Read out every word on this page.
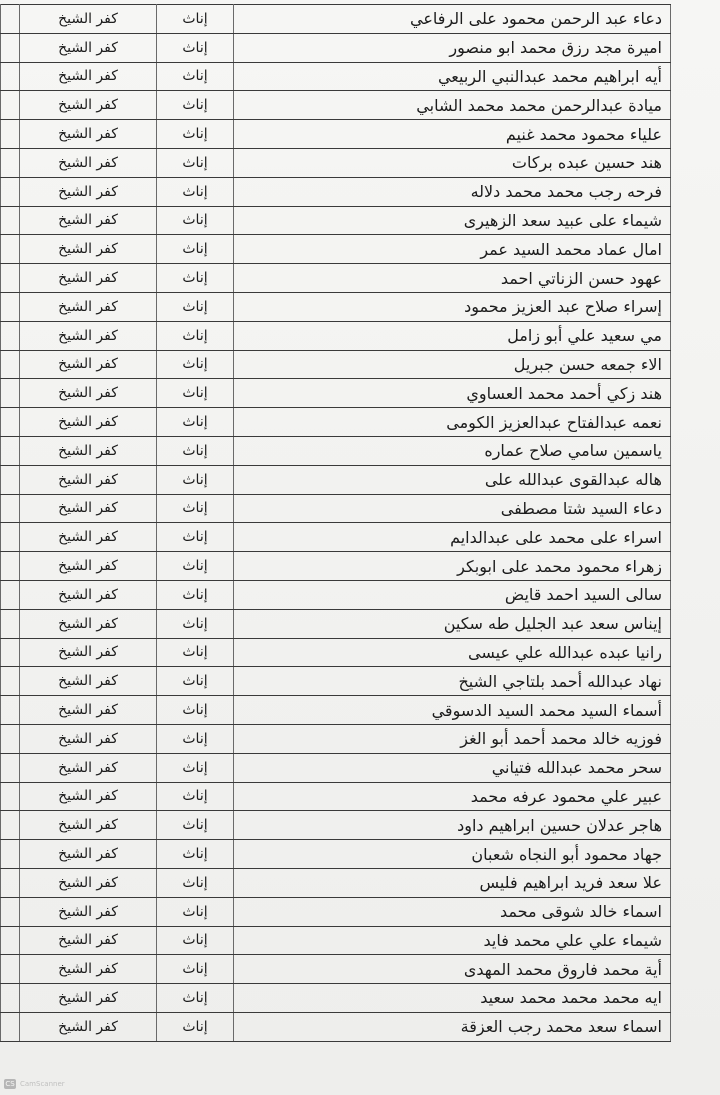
دعاء عبد الرحمن محمود على الرفاعي	إناث	كفر الشيخ	
اميرة مجد رزق محمد ابو منصور	إناث	كفر الشيخ	
أيه ابراهيم محمد عبدالنبي الربيعي	إناث	كفر الشيخ	
ميادة عبدالرحمن محمد محمد الشابي	إناث	كفر الشيخ	
علياء محمود محمد غنيم	إناث	كفر الشيخ	
هند حسين عبده بركات	إناث	كفر الشيخ	
فرحه رجب محمد محمد دلاله	إناث	كفر الشيخ	
شيماء على عبيد سعد الزهيرى	إناث	كفر الشيخ	
امال عماد محمد السيد عمر	إناث	كفر الشيخ	
عهود حسن الزناتي احمد	إناث	كفر الشيخ	
إسراء صلاح عبد العزيز محمود	إناث	كفر الشيخ	
مي سعيد علي أبو زامل	إناث	كفر الشيخ	
الاء جمعه حسن جبريل	إناث	كفر الشيخ	
هند زكي أحمد محمد العساوي	إناث	كفر الشيخ	
نعمه عبدالفتاح عبدالعزيز الكومى	إناث	كفر الشيخ	
ياسمين سامي صلاح عماره	إناث	كفر الشيخ	
هاله عبدالقوى عبدالله على	إناث	كفر الشيخ	
دعاء السيد شتا مصطفى	إناث	كفر الشيخ	
اسراء على محمد على عبدالدايم	إناث	كفر الشيخ	
زهراء محمود محمد على ابوبكر	إناث	كفر الشيخ	
سالى السيد احمد قايض	إناث	كفر الشيخ	
إيناس سعد عبد الجليل طه سكين	إناث	كفر الشيخ	
رانيا عبده عبدالله علي عيسى	إناث	كفر الشيخ	
نهاد عبدالله أحمد بلتاجي الشيخ	إناث	كفر الشيخ	
أسماء السيد محمد السيد الدسوقي	إناث	كفر الشيخ	
فوزيه خالد محمد أحمد أبو الغز	إناث	كفر الشيخ	
سحر محمد عبدالله فتياني	إناث	كفر الشيخ	
عبير علي محمود عرفه محمد	إناث	كفر الشيخ	
هاجر عدلان حسين ابراهيم داود	إناث	كفر الشيخ	
جهاد محمود أبو النجاه شعبان	إناث	كفر الشيخ	
علا سعد فريد ابراهيم فليس	إناث	كفر الشيخ	
اسماء خالد شوقى محمد	إناث	كفر الشيخ	
شيماء علي علي محمد فايد	إناث	كفر الشيخ	
أية محمد فاروق محمد المهدى	إناث	كفر الشيخ	
ايه محمد محمد محمد سعيد	إناث	كفر الشيخ	
اسماء سعد محمد رجب العزقة	إناث	كفر الشيخ	
CS CamScanner
